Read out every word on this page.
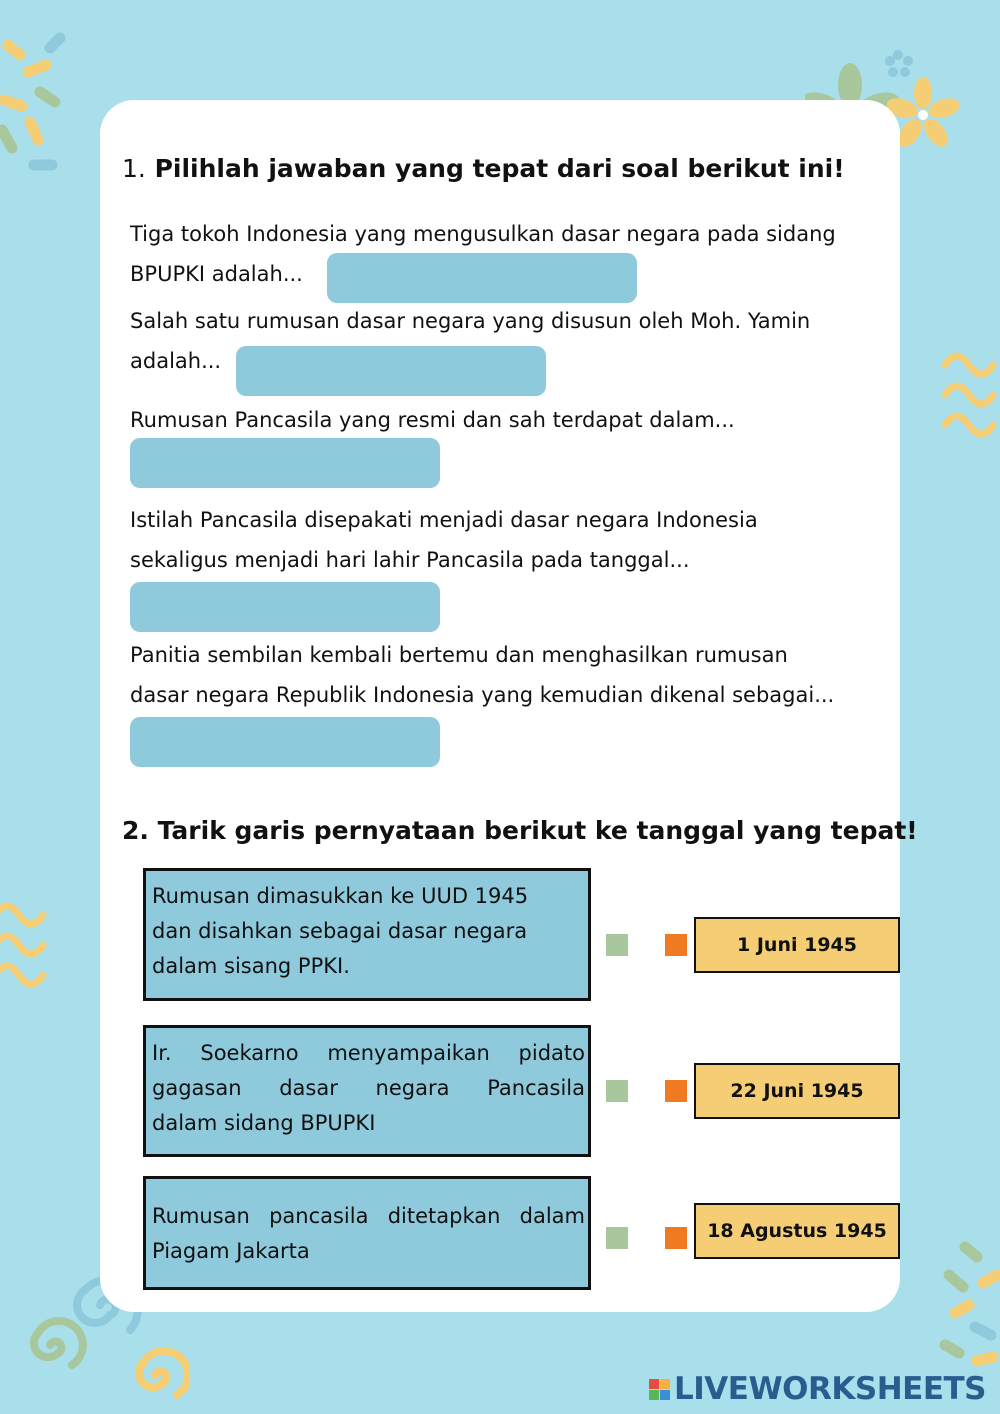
1. Pilihlah jawaban yang tepat dari soal berikut ini!
Tiga tokoh Indonesia yang mengusulkan dasar negara pada sidang
BPUPKI adalah...
Salah satu rumusan dasar negara yang disusun oleh Moh. Yamin
adalah...
Rumusan Pancasila yang resmi dan sah terdapat dalam...
Istilah Pancasila disepakati menjadi dasar negara Indonesia
sekaligus menjadi hari lahir Pancasila pada tanggal...
Panitia sembilan kembali bertemu dan menghasilkan rumusan
dasar negara Republik Indonesia yang kemudian dikenal sebagai...
2. Tarik garis pernyataan berikut ke tanggal yang tepat!
Rumusan dimasukkan ke UUD 1945
dan disahkan sebagai dasar negara
dalam sisang PPKI.
1 Juni 1945
Ir. Soekarno menyampaikan pidato
gagasan dasar negara Pancasila
dalam sidang BPUPKI
22 Juni 1945
Rumusan pancasila ditetapkan dalam
Piagam Jakarta
18 Agustus 1945
LIVEWORKSHEETS
